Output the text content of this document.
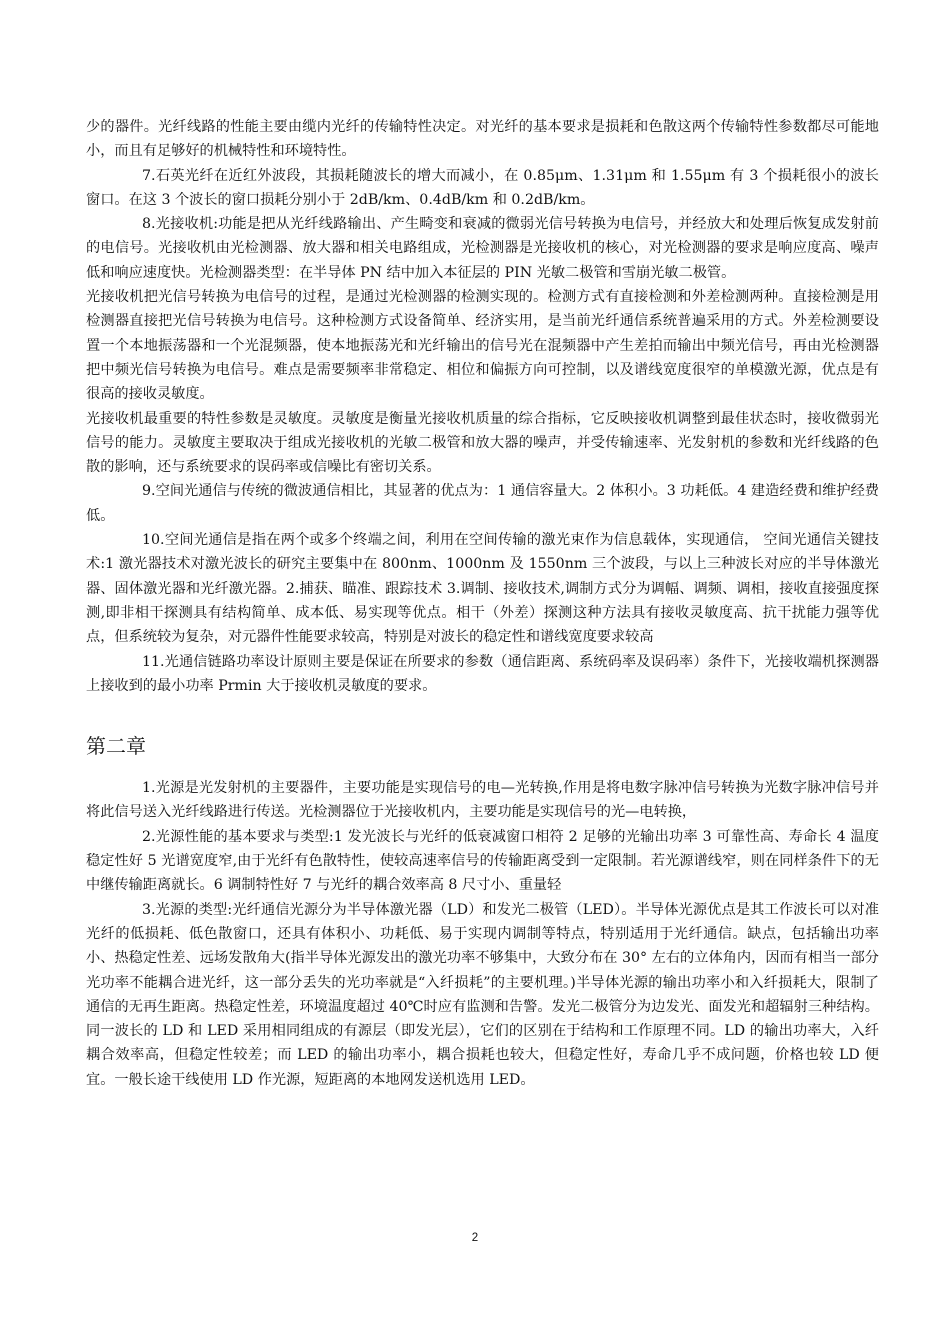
少的器件。光纤线路的性能主要由缆内光纤的传输特性决定。对光纤的基本要求是损耗和色散这两个传输特性参数都尽可能地小，而且有足够好的机械特性和环境特性。

7.石英光纤在近红外波段，其损耗随波长的增大而减小，在 0.85μm、1.31μm 和 1.55μm 有 3 个损耗很小的波长窗口。在这 3 个波长的窗口损耗分别小于 2dB/km、0.4dB/km 和 0.2dB/km。

8.光接收机:功能是把从光纤线路输出、产生畸变和衰减的微弱光信号转换为电信号，并经放大和处理后恢复成发射前的电信号。光接收机由光检测器、放大器和相关电路组成，光检测器是光接收机的核心，对光检测器的要求是响应度高、噪声低和响应速度快。光检测器类型：在半导体 PN 结中加入本征层的 PIN 光敏二极管和雪崩光敏二极管。

光接收机把光信号转换为电信号的过程，是通过光检测器的检测实现的。检测方式有直接检测和外差检测两种。直接检测是用检测器直接把光信号转换为电信号。这种检测方式设备简单、经济实用，是当前光纤通信系统普遍采用的方式。外差检测要设置一个本地振荡器和一个光混频器，使本地振荡光和光纤输出的信号光在混频器中产生差拍而输出中频光信号，再由光检测器把中频光信号转换为电信号。难点是需要频率非常稳定、相位和偏振方向可控制，以及谱线宽度很窄的单模激光源，优点是有很高的接收灵敏度。

光接收机最重要的特性参数是灵敏度。灵敏度是衡量光接收机质量的综合指标，它反映接收机调整到最佳状态时，接收微弱光信号的能力。灵敏度主要取决于组成光接收机的光敏二极管和放大器的噪声，并受传输速率、光发射机的参数和光纤线路的色散的影响，还与系统要求的误码率或信噪比有密切关系。

9.空间光通信与传统的微波通信相比，其显著的优点为：1 通信容量大。2 体积小。3 功耗低。4 建造经费和维护经费低。

10.空间光通信是指在两个或多个终端之间，利用在空间传输的激光束作为信息载体，实现通信， 空间光通信关键技术:1 激光器技术对激光波长的研究主要集中在 800nm、1000nm 及 1550nm 三个波段，与以上三种波长对应的半导体激光器、固体激光器和光纤激光器。2.捕获、瞄准、跟踪技术 3.调制、接收技术,调制方式分为调幅、调频、调相，接收直接强度探测,即非相干探测具有结构简单、成本低、易实现等优点。相干（外差）探测这种方法具有接收灵敏度高、抗干扰能力强等优点，但系统较为复杂，对元器件性能要求较高，特别是对波长的稳定性和谱线宽度要求较高

11.光通信链路功率设计原则主要是保证在所要求的参数（通信距离、系统码率及误码率）条件下，光接收端机探测器上接收到的最小功率 Prmin 大于接收机灵敏度的要求。

第二章

1.光源是光发射机的主要器件，主要功能是实现信号的电—光转换,作用是将电数字脉冲信号转换为光数字脉冲信号并将此信号送入光纤线路进行传送。光检测器位于光接收机内，主要功能是实现信号的光—电转换，

2.光源性能的基本要求与类型:1 发光波长与光纤的低衰减窗口相符 2 足够的光输出功率 3 可靠性高、寿命长 4 温度稳定性好 5 光谱宽度窄,由于光纤有色散特性，使较高速率信号的传输距离受到一定限制。若光源谱线窄，则在同样条件下的无中继传输距离就长。6 调制特性好 7 与光纤的耦合效率高 8 尺寸小、重量轻

3.光源的类型:光纤通信光源分为半导体激光器（LD）和发光二极管（LED）。半导体光源优点是其工作波长可以对准光纤的低损耗、低色散窗口，还具有体积小、功耗低、易于实现内调制等特点，特别适用于光纤通信。缺点，包括输出功率小、热稳定性差、远场发散角大(指半导体光源发出的激光功率不够集中，大致分布在 30° 左右的立体角内，因而有相当一部分光功率不能耦合进光纤，这一部分丢失的光功率就是“入纤损耗”的主要机理。)半导体光源的输出功率小和入纤损耗大，限制了通信的无再生距离。热稳定性差，环境温度超过 40℃时应有监测和告警。发光二极管分为边发光、面发光和超辐射三种结构。同一波长的 LD 和 LED 采用相同组成的有源层（即发光层），它们的区别在于结构和工作原理不同。LD 的输出功率大，入纤耦合效率高，但稳定性较差；而 LED 的输出功率小，耦合损耗也较大，但稳定性好，寿命几乎不成问题，价格也较 LD 便宜。一般长途干线使用 LD 作光源，短距离的本地网发送机选用 LED。

2
